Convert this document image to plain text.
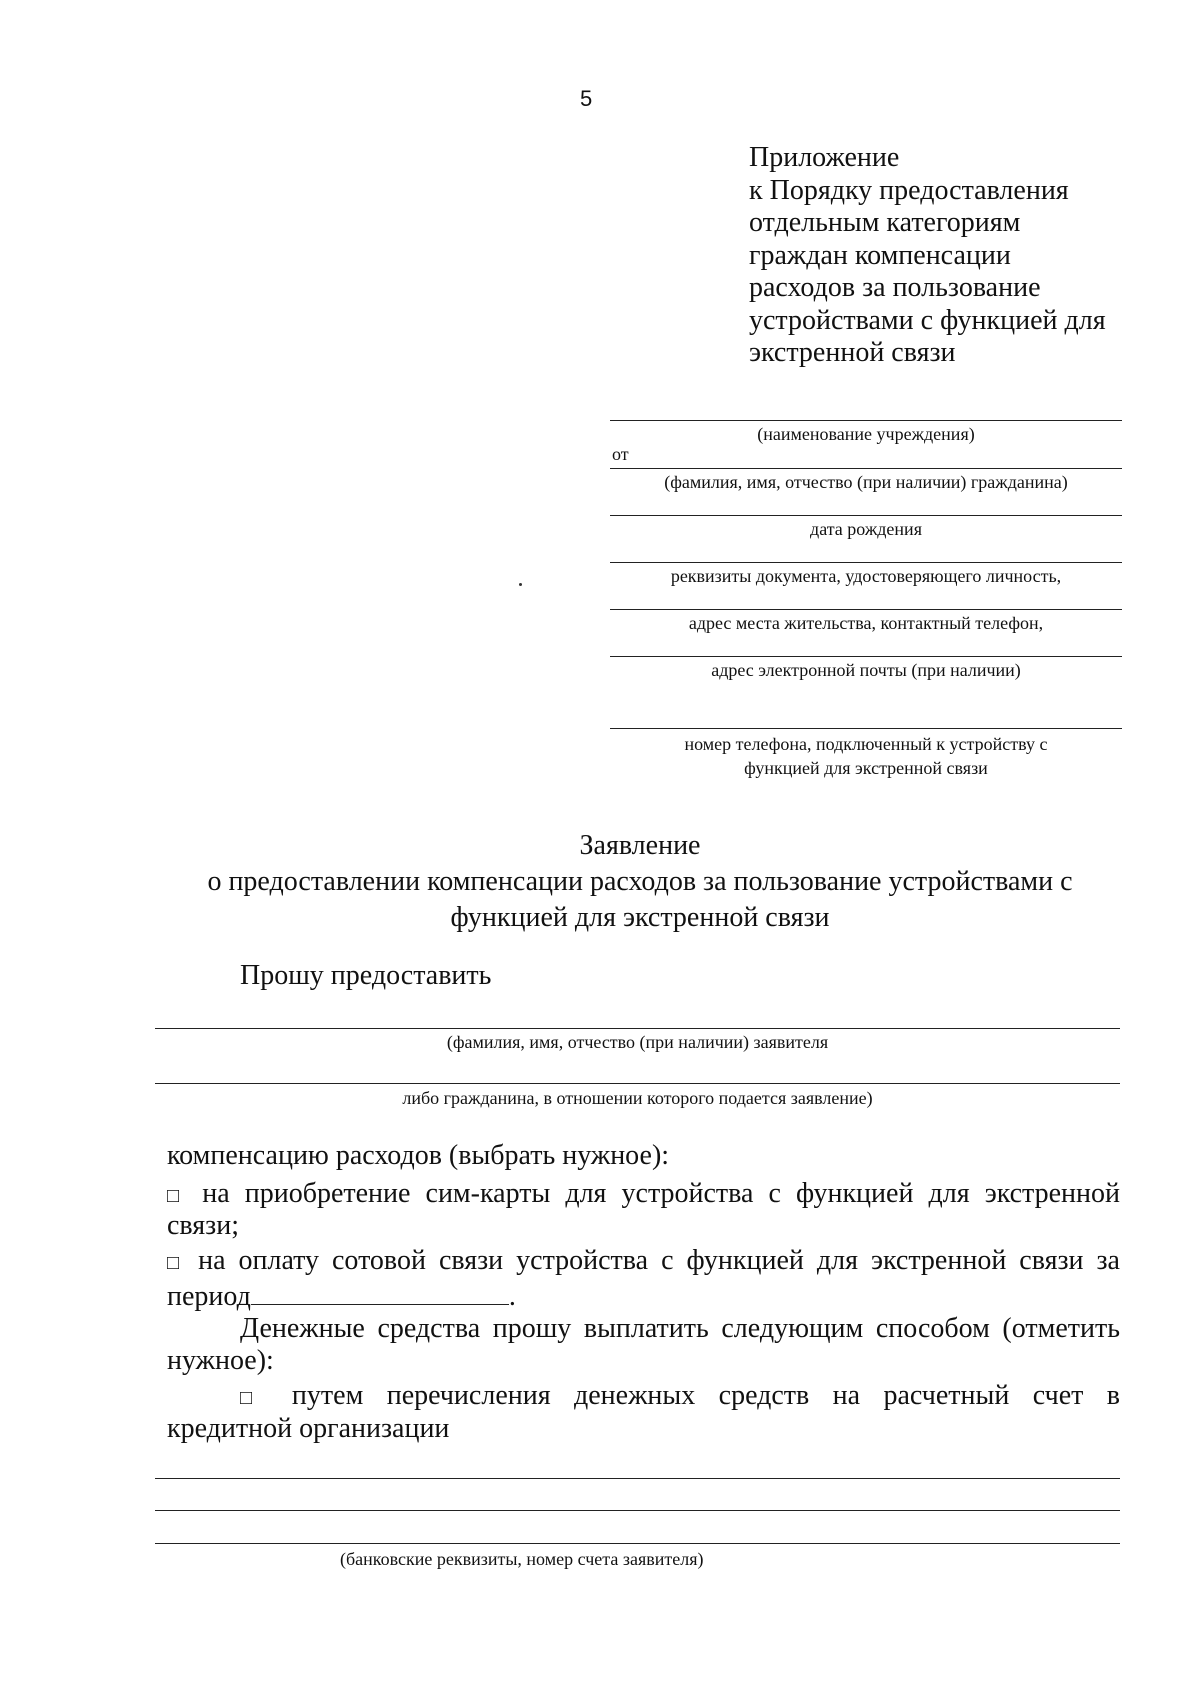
5
Приложение
к Порядку предоставления
отдельным категориям
граждан компенсации
расходов за пользование
устройствами с функцией для
экстренной связи
(наименование учреждения)
от
(фамилия, имя, отчество (при наличии) гражданина)
дата рождения
реквизиты документа, удостоверяющего личность,
адрес места жительства, контактный телефон,
адрес электронной почты (при наличии)
номер телефона, подключенный к устройству с
функцией для экстренной связи
Заявление
о предоставлении компенсации расходов за пользование устройствами с
функцией для экстренной связи
Прошу предоставить
(фамилия, имя, отчество (при наличии) заявителя
либо гражданина, в отношении которого подается заявление)
компенсацию расходов (выбрать нужное):
□ на приобретение сим-карты для устройства с функцией для экстренной
связи;
□ на оплату сотовой связи устройства с функцией для экстренной связи за
период	.
Денежные средства прошу выплатить следующим способом (отметить
нужное):
□ путем перечисления денежных средств на расчетный счет в
кредитной организации
(банковские реквизиты, номер счета заявителя)
